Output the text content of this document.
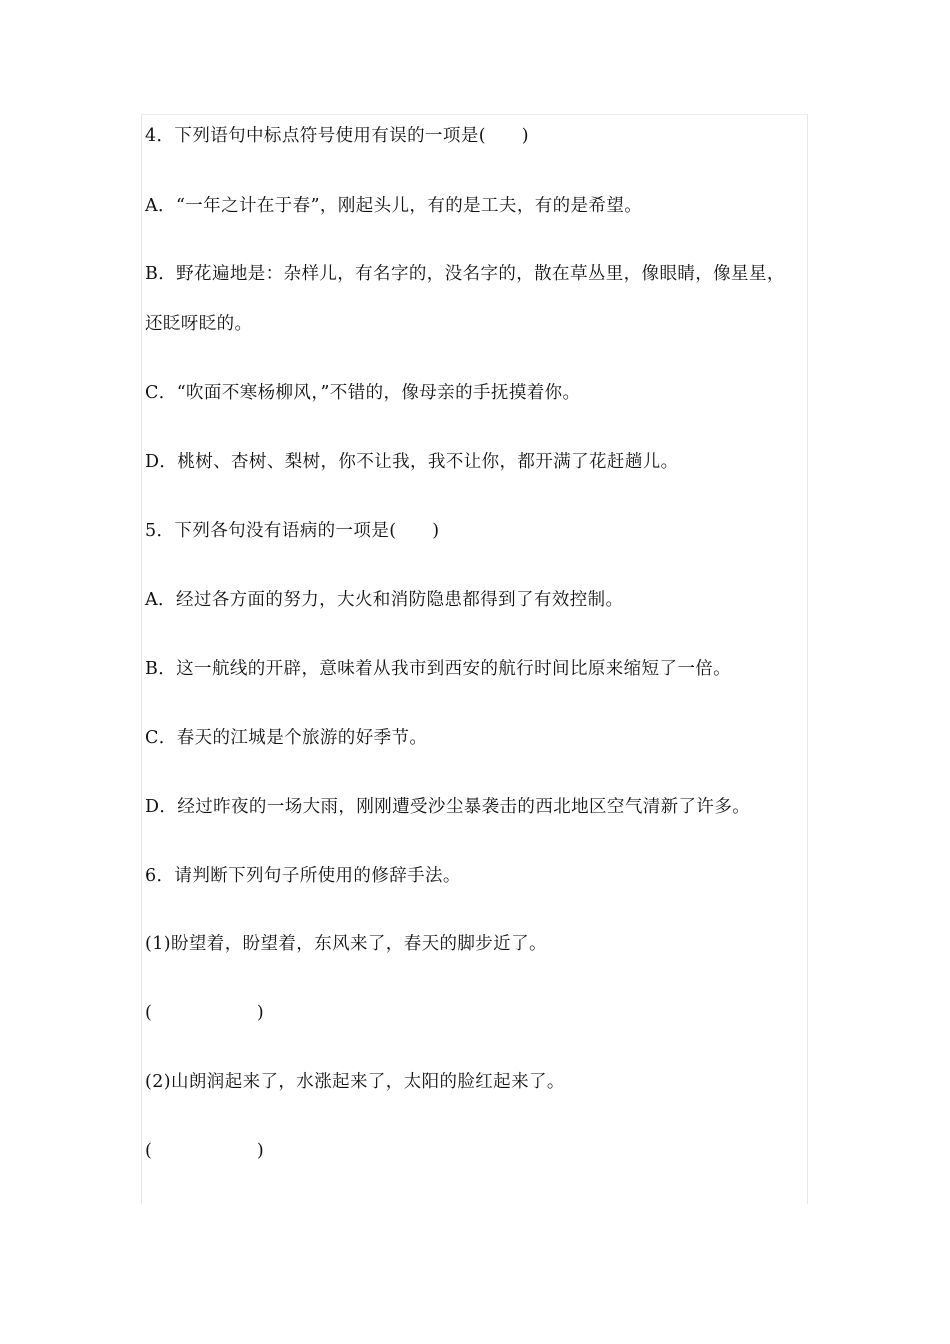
4．下列语句中标点符号使用有误的一项是(　　)
A．“一年之计在于春”，刚起头儿，有的是工夫，有的是希望。
B．野花遍地是：杂样儿，有名字的，没名字的，散在草丛里，像眼睛，像星星，
还眨呀眨的。
C．“吹面不寒杨柳风，”不错的，像母亲的手抚摸着你。
D．桃树、杏树、梨树，你不让我，我不让你，都开满了花赶趟儿。
5．下列各句没有语病的一项是(　　)
A．经过各方面的努力，大火和消防隐患都得到了有效控制。
B．这一航线的开辟，意味着从我市到西安的航行时间比原来缩短了一倍。
C．春天的江城是个旅游的好季节。
D．经过昨夜的一场大雨，刚刚遭受沙尘暴袭击的西北地区空气清新了许多。
6．请判断下列句子所使用的修辞手法。
(1)盼望着，盼望着，东风来了，春天的脚步近了。
(　　　　　　)
(2)山朗润起来了，水涨起来了，太阳的脸红起来了。
(　　　　　　)
